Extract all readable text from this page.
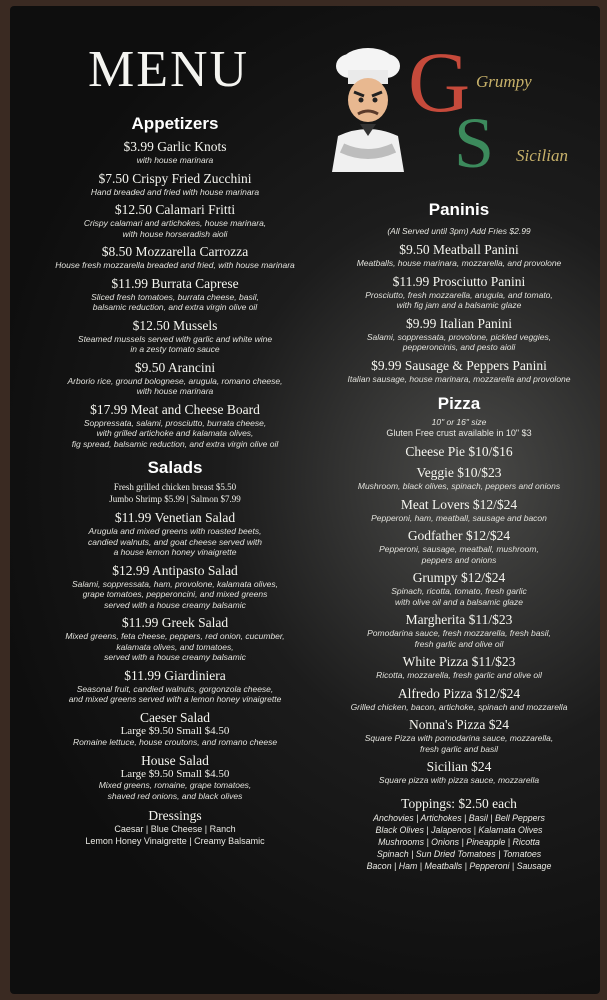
MENU G Grumpy
S Sicilian
Appetizers
$3.99 Garlic Knots
with house marinara
$7.50 Crispy Fried Zucchini
Hand breaded and fried with house marinara
$12.50 Calamari Fritti
Crispy calamari and artichokes, house marinara,
with house horseradish aioli
$8.50 Mozzarella Carrozza
House fresh mozzarella breaded and fried, with house marinara
$11.99 Burrata Caprese
Sliced fresh tomatoes, burrata cheese, basil,
balsamic reduction, and extra virgin olive oil
$12.50 Mussels
Steamed mussels served with garlic and white wine
in a zesty tomato sauce
$9.50 Arancini
Arborio rice, ground bolognese, arugula, romano cheese,
with house marinara
$17.99 Meat and Cheese Board
Soppressata, salami, prosciutto, burrata cheese,
with grilled artichoke and kalamata olives,
fig spread, balsamic reduction, and extra virgin olive oil
Salads
Fresh grilled chicken breast $5.50
Jumbo Shrimp $5.99 | Salmon $7.99
$11.99 Venetian Salad
Arugula and mixed greens with roasted beets,
candied walnuts, and goat cheese served with
a house lemon honey vinaigrette
$12.99 Antipasto Salad
Salami, soppressata, ham, provolone, kalamata olives,
grape tomatoes, pepperoncini, and mixed greens
served with a house creamy balsamic
$11.99 Greek Salad
Mixed greens, feta cheese, peppers, red onion, cucumber,
kalamata olives, and tomatoes,
served with a house creamy balsamic
$11.99 Giardiniera
Seasonal fruit, candied walnuts, gorgonzola cheese,
and mixed greens served with a lemon honey vinaigrette
Caeser Salad
Large $9.50 Small $4.50
Romaine lettuce, house croutons, and romano cheese
House Salad
Large $9.50 Small $4.50
Mixed greens, romaine, grape tomatoes,
shaved red onions, and black olives
Dressings
Caesar | Blue Cheese | Ranch
Lemon Honey Vinaigrette | Creamy Balsamic
Paninis
(All Served until 3pm) Add Fries $2.99
$9.50 Meatball Panini
Meatballs, house marinara, mozzarella, and provolone
$11.99 Prosciutto Panini
Prosciutto, fresh mozzarella, arugula, and tomato,
with fig jam and a balsamic glaze
$9.99 Italian Panini
Salami, soppressata, provolone, pickled veggies,
pepperoncinis, and pesto aioli
$9.99 Sausage & Peppers Panini
Italian sausage, house marinara, mozzarella and provolone
Pizza
10" or 16" size
Gluten Free crust available in 10" $3
Cheese Pie $10/$16
Veggie $10/$23
Mushroom, black olives, spinach, peppers and onions
Meat Lovers $12/$24
Pepperoni, ham, meatball, sausage and bacon
Godfather $12/$24
Pepperoni, sausage, meatball, mushroom,
peppers and onions
Grumpy $12/$24
Spinach, ricotta, tomato, fresh garlic
with olive oil and a balsamic glaze
Margherita $11/$23
Pomodarina sauce, fresh mozzarella, fresh basil,
fresh garlic and olive oil
White Pizza $11/$23
Ricotta, mozzarella, fresh garlic and olive oil
Alfredo Pizza $12/$24
Grilled chicken, bacon, artichoke, spinach and mozzarella
Nonna's Pizza $24
Square Pizza with pomodarina sauce, mozzarella,
fresh garlic and basil
Sicilian $24
Square pizza with pizza sauce, mozzarella
Toppings: $2.50 each
Anchovies | Artichokes | Basil | Bell Peppers
Black Olives | Jalapenos | Kalamata Olives
Mushrooms | Onions | Pineapple | Ricotta
Spinach | Sun Dried Tomatoes | Tomatoes
Bacon | Ham | Meatballs | Pepperoni | Sausage
